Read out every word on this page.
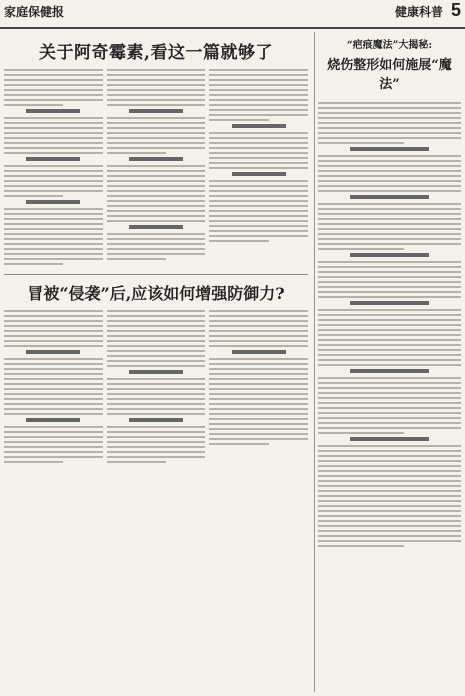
家庭保健报	健康科普 5
关于阿奇霉素,看这一篇就够了
冒被“侵袭”后,应该如何增强防御力?
“疤痕魔法”大揭秘:
烧伤整形如何施展“魔法”
